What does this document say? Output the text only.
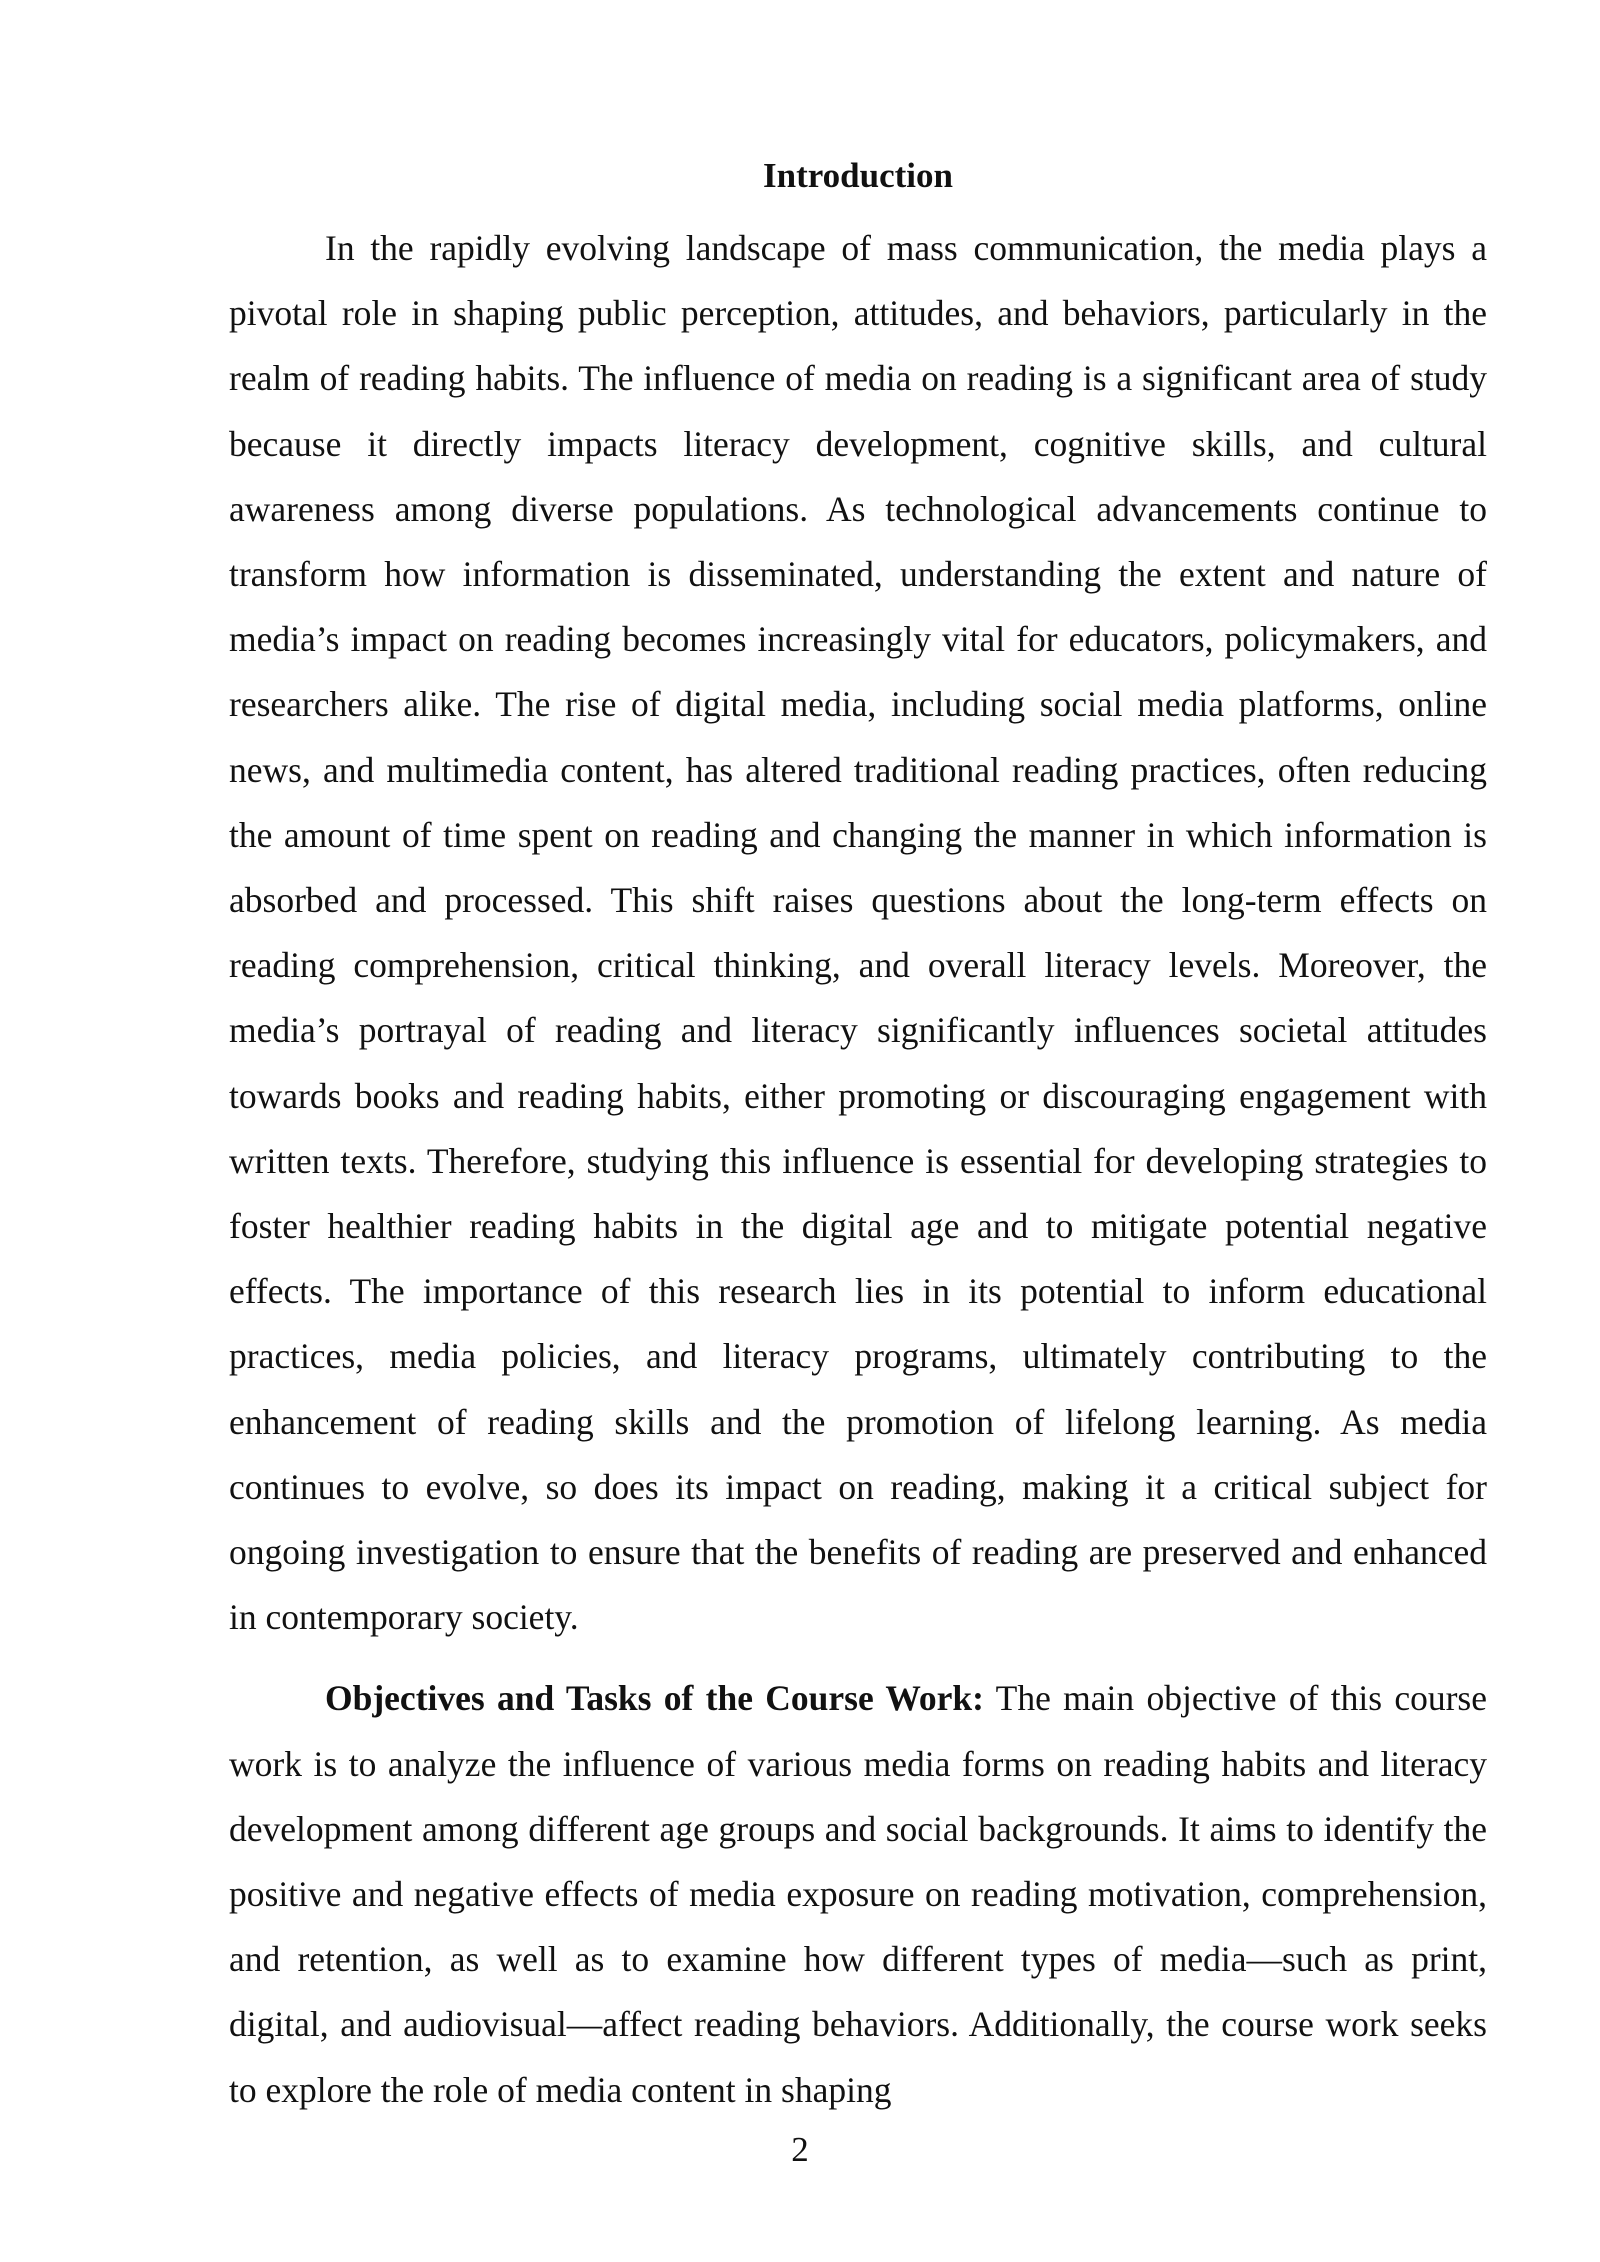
Introduction

In the rapidly evolving landscape of mass communication, the media plays a pivotal role in shaping public perception, attitudes, and behaviors, particularly in the realm of reading habits. The influence of media on reading is a significant area of study because it directly impacts literacy development, cognitive skills, and cultural awareness among diverse populations. As technological advancements continue to transform how information is disseminated, understanding the extent and nature of media’s impact on reading becomes increasingly vital for educators, policymakers, and researchers alike. The rise of digital media, including social media platforms, online news, and multimedia content, has altered traditional reading practices, often reducing the amount of time spent on reading and changing the manner in which information is absorbed and processed. This shift raises questions about the long-term effects on reading comprehension, critical thinking, and overall literacy levels. Moreover, the media’s portrayal of reading and literacy significantly influences societal attitudes towards books and reading habits, either promoting or discouraging engagement with written texts. Therefore, studying this influence is essential for developing strategies to foster healthier reading habits in the digital age and to mitigate potential negative effects. The importance of this research lies in its potential to inform educational practices, media policies, and literacy programs, ultimately contributing to the enhancement of reading skills and the promotion of lifelong learning. As media continues to evolve, so does its impact on reading, making it a critical subject for ongoing investigation to ensure that the benefits of reading are preserved and enhanced in contemporary society.

Objectives and Tasks of the Course Work: The main objective of this course work is to analyze the influence of various media forms on reading habits and literacy development among different age groups and social backgrounds. It aims to identify the positive and negative effects of media exposure on reading motivation, comprehension, and retention, as well as to examine how different types of media—such as print, digital, and audiovisual—affect reading behaviors. Additionally, the course work seeks to explore the role of media content in shaping

2
